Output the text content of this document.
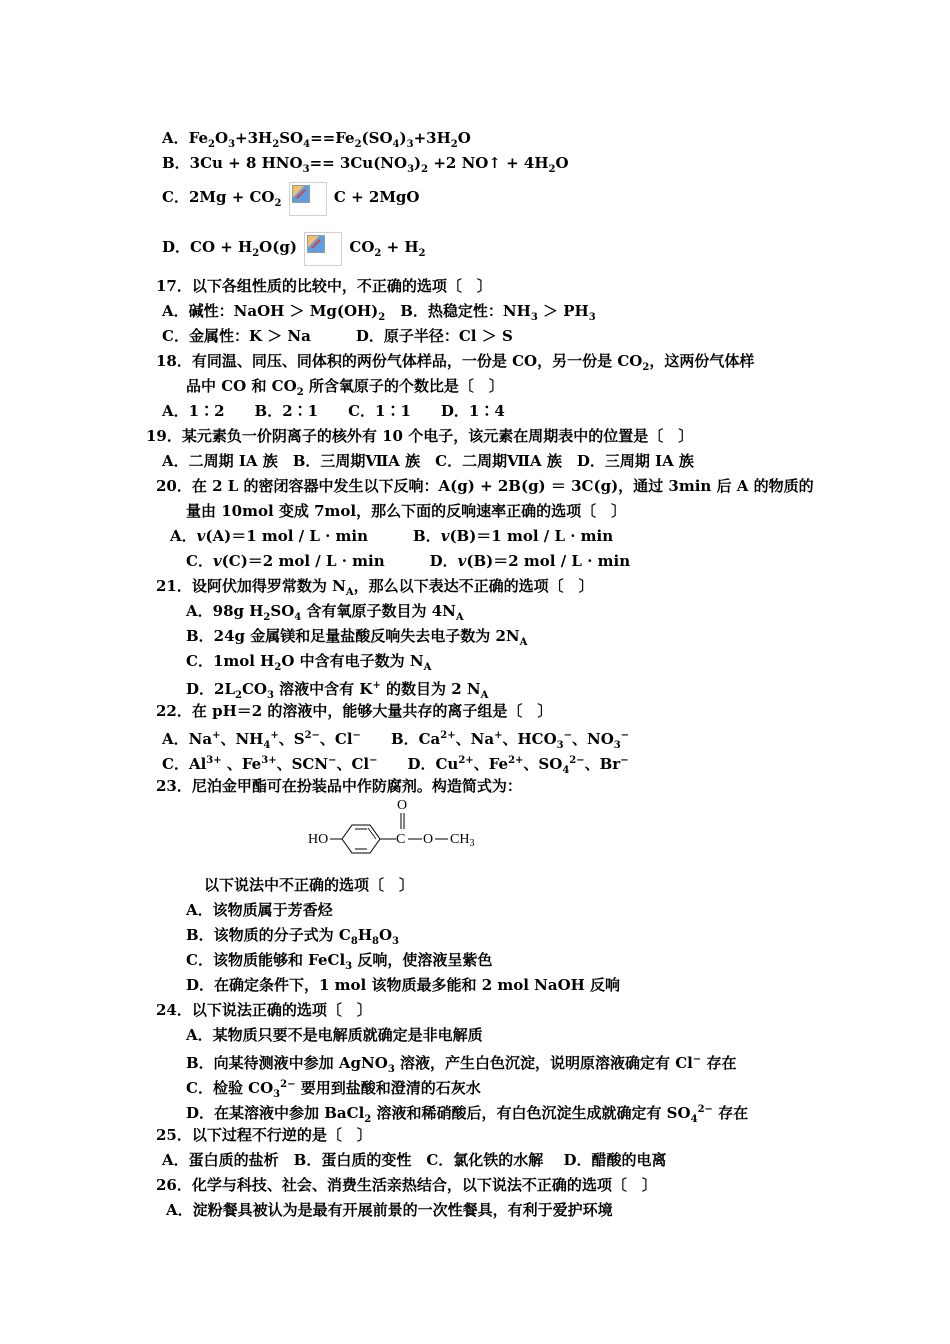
HO	C
O
O $CH_3$
A．$Fe_2O_3+3H_2SO_4==Fe_2(SO_4)_3+3H_2O$
B．3Cu + 8 $HNO_3== 3Cu(NO_3)_2 +2$ NO↑ + $4H_2O$
C．$2Mg + CO_2$	C + 2MgO
D．CO + $H_2O(g)$	$CO_2 + H_2$
17．以下各组性质的比较中，不正确的选项〔　〕
A．碱性：NaOH ＞ $Mg(OH)_2$　B．热稳定性：$NH_3 > PH_3$
C．金属性：K ＞ Na　　　D．原子半径：Cl ＞ S
18．有同温、同压、同体积的两份气体样品，一份是 CO，另一份是 $CO_2$，这两份气体样
品中 CO 和 $CO_2$ 所含氧原子的个数比是〔　〕
A．1∶2　　B．2∶1　　C．1∶1　　D．1∶4
19．某元素负一价阴离子的核外有 10 个电子，该元素在周期表中的位置是〔　〕
A．二周期 IA 族　B．三周期ⅦA 族　C．二周期ⅦA 族　D．三周期 IA 族
20．在 2 L 的密闭容器中发生以下反响：A(g) + 2B(g) ＝ 3C(g)，通过 3min 后 A 的物质的
量由 10mol 变成 7mol，那么下面的反响速率正确的选项〔　〕
A．v(A)＝1 mol / L · min　　　B．v(B)＝1 mol / L · min
C．v(C)＝2 mol / L · min　　　D．v(B)＝2 mol / L · min
21．设阿伏加得罗常数为 $N_A$，那么以下表达不正确的选项〔　〕
A．98g $H_2SO_4$ 含有氧原子数目为 $4N_A$
B．24g 金属镁和足量盐酸反响失去电子数为 $2N_A$
C．1mol $H_2O$ 中含有电子数为 $N_A$
D．$2L_2CO_3$ 溶液中含有 K+ 的数目为 2 $N_A$
22．在 pH＝2 的溶液中，能够大量共存的离子组是〔　〕
A．Na+、$NH_4^+$、$S^{2-}$、Cl−　　B．$Ca^{2+}$、Na+、$HCO_3^-$、$NO_3^-$
C．$Al^{3+}$ 、$Fe^{3+}$、SCN−、Cl−　　D．$Cu^{2+}$、$Fe^{2+}$、$SO_4^{2-}$、Br−
23．尼泊金甲酯可在扮装品中作防腐剂。构造简式为：
以下说法中不正确的选项〔　〕
A．该物质属于芳香烃
B．该物质的分子式为 $C_8H_8O_3$
C．该物质能够和 FeCl$_3$ 反响，使溶液呈紫色
D．在确定条件下，1 mol 该物质最多能和 2 mol NaOH 反响
24．以下说法正确的选项〔　〕
A．某物质只要不是电解质就确定是非电解质
B．向某待测液中参加 AgNO$_3$ 溶液，产生白色沉淀，说明原溶液确定有 Cl− 存在
C．检验 $CO_3^{2-}$ 要用到盐酸和澄清的石灰水
D．在某溶液中参加 BaCl$_2$ 溶液和稀硝酸后，有白色沉淀生成就确定有 $SO_4^{2-}$ 存在
25．以下过程不行逆的是〔　〕
A．蛋白质的盐析　B．蛋白质的变性　C．氯化铁的水解　 D．醋酸的电离
26．化学与科技、社会、消费生活亲热结合，以下说法不正确的选项〔　〕
A．淀粉餐具被认为是最有开展前景的一次性餐具，有利于爱护环境
